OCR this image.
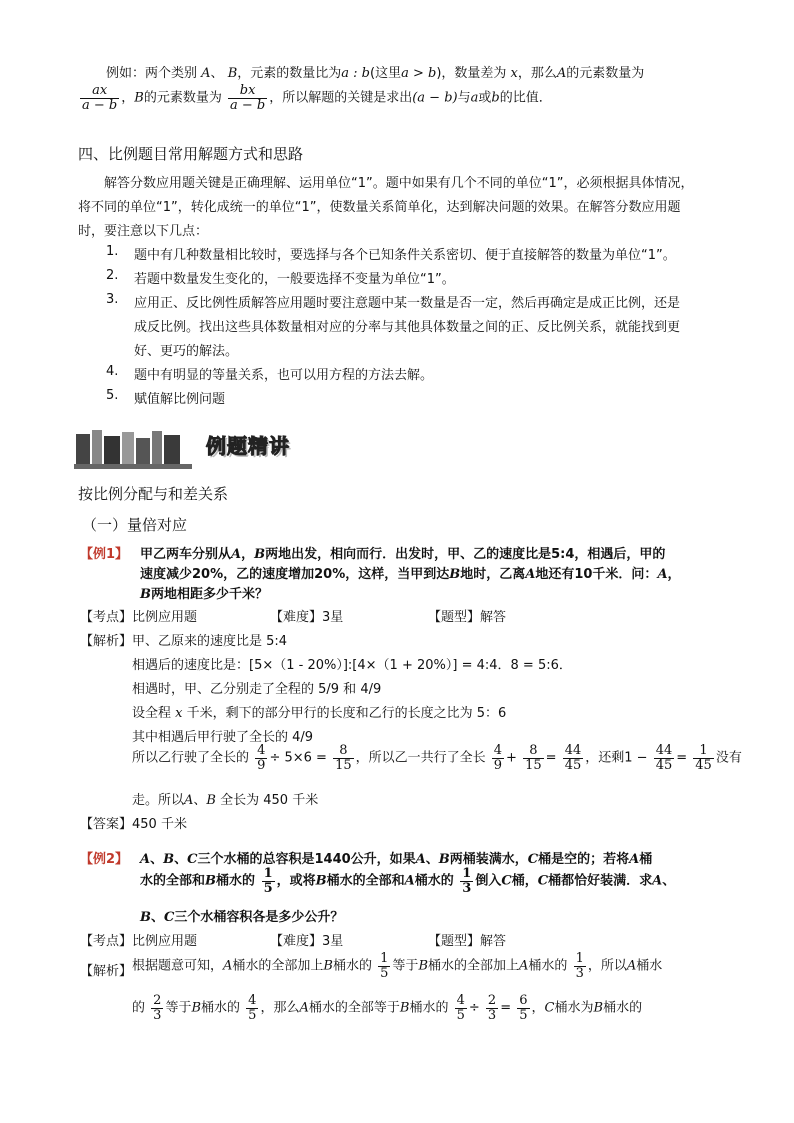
例如：两个类别 A、 B，元素的数量比为a : b(这里a > b)，数量差为 x，那么A的元素数量为
$\frac{ax}{a - b}$ ，B的元素数量为 $\frac{bx}{a - b}$ ，所以解题的关键是求出(a − b)与a或b的比值．
四、比例题目常用解题方式和思路
解答分数应用题关键是正确理解、运用单位“1”。题中如果有几个不同的单位“1”，必须根据具体情况，
将不同的单位“1”，转化成统一的单位“1”，使数量关系简单化，达到解决问题的效果。在解答分数应用题
时，要注意以下几点：
1. 题中有几种数量相比较时，要选择与各个已知条件关系密切、便于直接解答的数量为单位“1”。
2. 若题中数量发生变化的，一般要选择不变量为单位“1”。
3. 应用正、反比例性质解答应用题时要注意题中某一数量是否一定，然后再确定是成正比例，还是
成反比例。找出这些具体数量相对应的分率与其他具体数量之间的正、反比例关系，就能找到更
好、更巧的解法。
4. 题中有明显的等量关系，也可以用方程的方法去解。
5. 赋值解比例问题
例题精讲
按比例分配与和差关系
（一）量倍对应
【例1】 甲乙两车分别从A，B两地出发，相向而行．出发时，甲、乙的速度比是5:4，相遇后，甲的
速度减少20%，乙的速度增加20%，这样，当甲到达B地时，乙离A地还有10千米．问：A，
B两地相距多少千米？
【考点】比例应用题	【难度】3星	【题型】解答
【解析】 甲、乙原来的速度比是 5:4
相遇后的速度比是：[5×（1 - 20%）]:[4×（1 + 20%）] = 4:4．8 = 5:6．
相遇时，甲、乙分别走了全程的 5/9 和 4/9
设全程 x 千米，剩下的部分甲行的长度和乙行的长度之比为 5：6
其中相遇后甲行驶了全长的 4/9
所以乙行驶了全长的 $\frac{4}{9} \div 5\times 6 = \frac{8}{15}$ ，所以乙一共行了全长 $\frac{4}{9} + \frac{8}{15} = \frac{44}{45}$ ，还剩$1 - \frac{44}{45} = \frac{1}{45}$ 没有
走。所以A、B 全长为 450 千米
【答案】450 千米
【例2】 A、B、C三个水桶的总容积是1440公升，如果A、B两桶装满水，C桶是空的；若将A桶
水的全部和B桶水的 $\frac{1}{5}$ ，或将B桶水的全部和A桶水的 $\frac{1}{3}$ 倒入C桶，C桶都恰好装满．求A、
B、C三个水桶容积各是多少公升？
【考点】比例应用题	【难度】3星	【题型】解答
【解析】 根据题意可知，A桶水的全部加上B桶水的 $\frac{1}{5}$ 等于B桶水的全部加上A桶水的 $\frac{1}{3}$ ，所以A桶水
的 $\frac{2}{3}$ 等于B桶水的 $\frac{4}{5}$ ，那么A桶水的全部等于B桶水的 $\frac{4}{5} \div \frac{2}{3} = \frac{6}{5}$ ，C桶水为B桶水的
